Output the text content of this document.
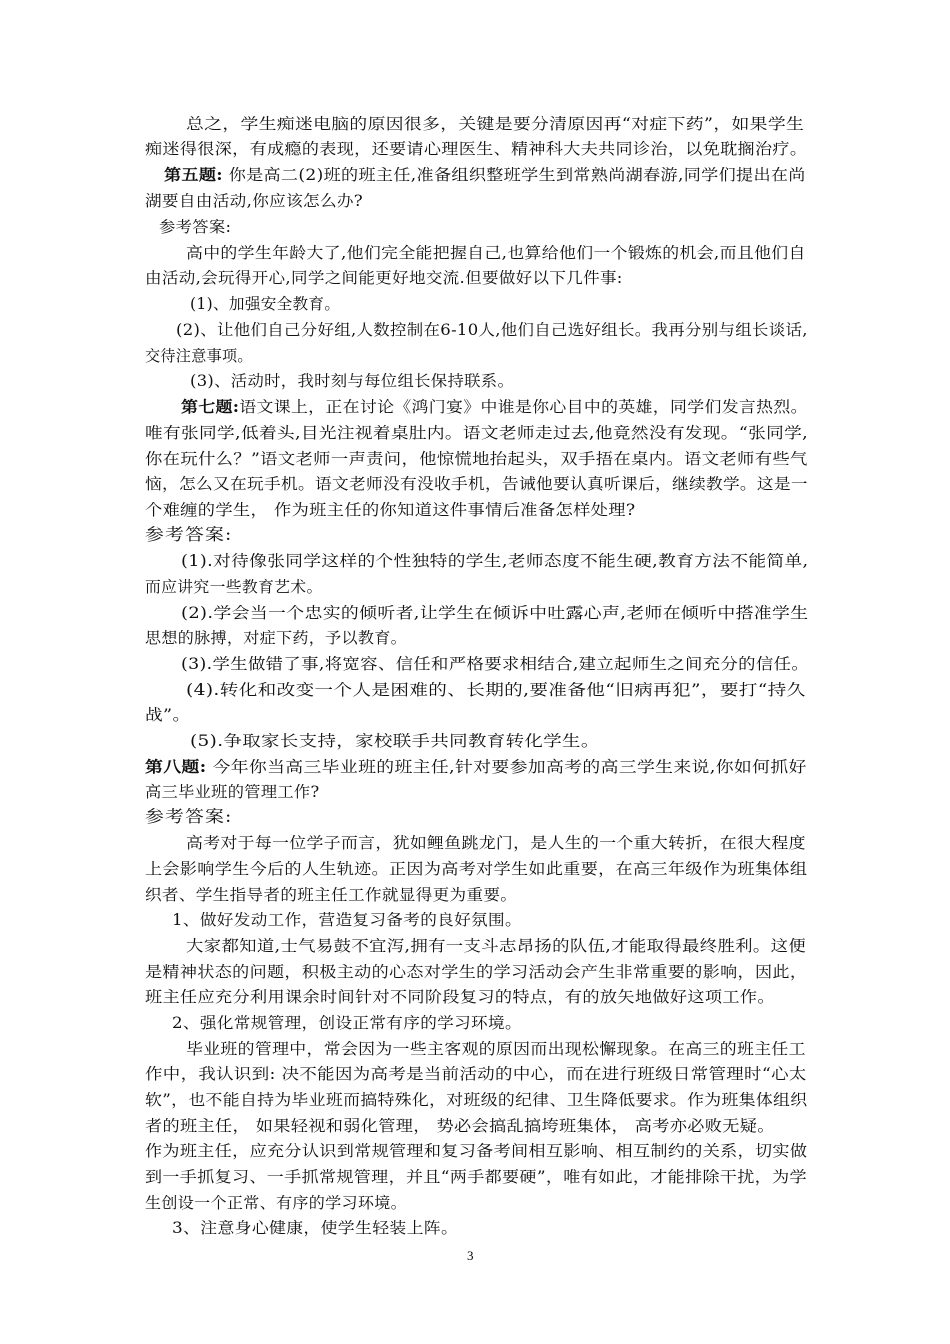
总之，学生痴迷电脑的原因很多，关键是要分清原因再“对症下药”，如果学生
痴迷得很深，有成瘾的表现，还要请心理医生、精神科大夫共同诊治，以免耽搁治疗。
第五题: 你是高二(2)班的班主任,准备组织整班学生到常熟尚湖春游,同学们提出在尚
湖要自由活动,你应该怎么办?
参考答案:
高中的学生年龄大了,他们完全能把握自己,也算给他们一个锻炼的机会,而且他们自
由活动,会玩得开心,同学之间能更好地交流.但要做好以下几件事:
(1)、加强安全教育。
(2)、让他们自己分好组,人数控制在6-10人,他们自己选好组长。我再分别与组长谈话,
交待注意事项。
(3)、活动时，我时刻与每位组长保持联系。
第七题:语文课上，正在讨论《鸿门宴》中谁是你心目中的英雄，同学们发言热烈。
唯有张同学,低着头,目光注视着桌肚内。语文老师走过去,他竟然没有发现。“张同学,
你在玩什么？”语文老师一声责问，他惊慌地抬起头，双手捂在桌内。语文老师有些气
恼，怎么又在玩手机。语文老师没有没收手机，告诫他要认真听课后，继续教学。这是一
个难缠的学生， 作为班主任的你知道这件事情后准备怎样处理?
参考答案:
(1).对待像张同学这样的个性独特的学生,老师态度不能生硬,教育方法不能简单,
而应讲究一些教育艺术。
(2).学会当一个忠实的倾听者,让学生在倾诉中吐露心声,老师在倾听中搭准学生
思想的脉搏，对症下药，予以教育。
(3).学生做错了事,将宽容、信任和严格要求相结合,建立起师生之间充分的信任。
(4).转化和改变一个人是困难的、长期的,要准备他“旧病再犯”，要打“持久
战”。
(5).争取家长支持，家校联手共同教育转化学生。
第八题: 今年你当高三毕业班的班主任,针对要参加高考的高三学生来说,你如何抓好
高三毕业班的管理工作?
参考答案:
高考对于每一位学子而言，犹如鲤鱼跳龙门，是人生的一个重大转折，在很大程度
上会影响学生今后的人生轨迹。正因为高考对学生如此重要，在高三年级作为班集体组
织者、学生指导者的班主任工作就显得更为重要。
1、做好发动工作，营造复习备考的良好氛围。
大家都知道,士气易鼓不宜泻,拥有一支斗志昂扬的队伍,才能取得最终胜利。这便
是精神状态的问题，积极主动的心态对学生的学习活动会产生非常重要的影响，因此，
班主任应充分利用课余时间针对不同阶段复习的特点，有的放矢地做好这项工作。
2、强化常规管理，创设正常有序的学习环境。
毕业班的管理中，常会因为一些主客观的原因而出现松懈现象。在高三的班主任工
作中，我认识到: 决不能因为高考是当前活动的中心，而在进行班级日常管理时“心太
软”，也不能自持为毕业班而搞特殊化，对班级的纪律、卫生降低要求。作为班集体组织
者的班主任， 如果轻视和弱化管理， 势必会搞乱搞垮班集体， 高考亦必败无疑。
作为班主任，应充分认识到常规管理和复习备考间相互影响、相互制约的关系，切实做
到一手抓复习、一手抓常规管理，并且“两手都要硬”，唯有如此，才能排除干扰，为学
生创设一个正常、有序的学习环境。
3、注意身心健康，使学生轻装上阵。
3
